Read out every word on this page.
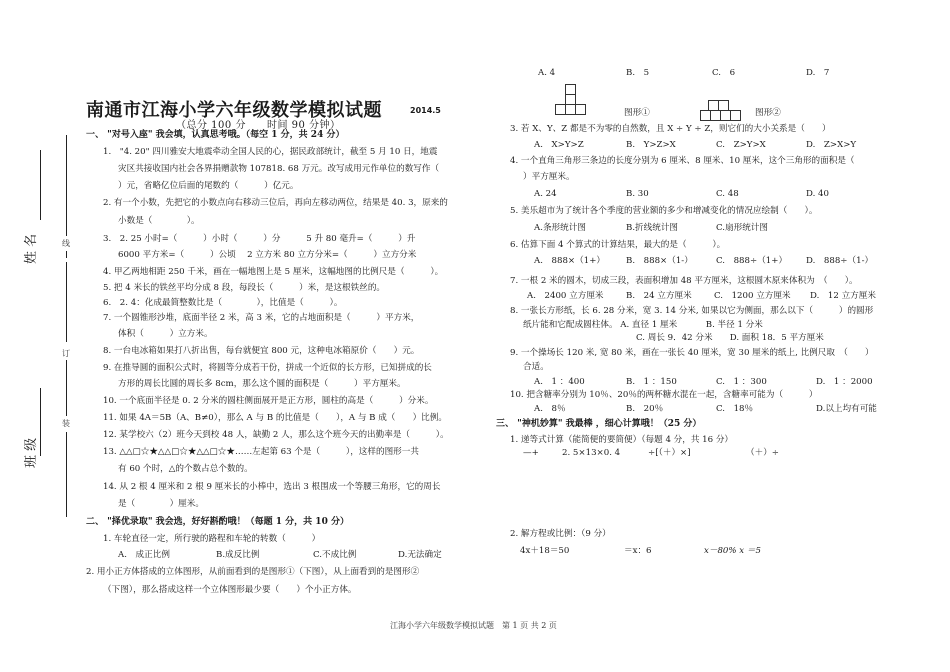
线
订
装
姓 名
班 级
南通市江海小学六年级数学模拟试题	2014.5
（总分 100 分　　时间 90 分钟）
一、 "对号入座" 我会填，认真思考哦。（每空 1 分，共 24 分）
1.　"4. 20" 四川雅安大地震牵动全国人民的心，据民政部统计，截至 5 月 10 日，地震
灾区共接收国内社会各界捐赠款物 107818. 68 万元。改写成用元作单位的数写作（
）元，省略亿位后面的尾数约（　　　）亿元。
2. 有一个小数，先把它的小数点向右移动三位后，再向左移动两位，结果是 40. 3，原来的
小数是（　　　　）。
3.　2. 25 小时=（　　　）小时（　　　）分　　　5 升 80 毫升=（　　　）升
6000 平方米=（　　　）公顷　 2 立方米 80 立方分米=（　　　）立方分米
4. 甲乙两地相距 250 千米，画在一幅地图上是 5 厘米，这幅地图的比例尺是（　　　）。
5. 把 4 米长的铁丝平均分成 8 段，每段长（　　　）米，是这根铁丝的。
6.　2. 4：化成最简整数比是（　　　　），比值是（　　　）。
7. 一个圆锥形沙堆，底面半径 2 米，高 3 米，它的占地面积是（　　　）平方米，
体积（　　　）立方米。
8. 一台电冰箱如果打八折出售，每台就便宜 800 元，这种电冰箱原价（　　）元。
9. 在推导圆的面积公式时，将圆等分成若干份，拼成一个近似的长方形，已知拼成的长
方形的周长比圆的周长多 8cm，那么这个圆的面积是（　　　）平方厘米。
10. 一个底面半径是 0. 2 分米的圆柱侧面展开是正方形，圆柱的高是（　　　）分米。
11. 如果 4A＝5B（A、B≠0），那么 A 与 B 的比值是（　　），A 与 B 成（　　）比例。
12. 某学校六（2）班今天到校 48 人，缺勤 2 人，那么这个班今天的出勤率是（　　　）。
13. △△□☆★△△□☆★△△□☆★……左起第 63 个是（　　　），这样的图形一共
有 60 个时，△的个数占总个数的。
14. 从 2 根 4 厘米和 2 根 9 厘米长的小棒中，选出 3 根围成一个等腰三角形，它的周长
是（　　　　）厘米。
二、 "择优录取" 我会选，好好斟酌哦！（每题 1 分，共 10 分）
1. 车轮直径一定，所行驶的路程和车轮的转数（　　　）
A.　成正比例	B.成反比例	C.不成比例	D.无法确定
2. 用小正方体搭成的立体图形，从前面看到的是图形①（下图），从上面看到的是图形②
（下图），那么搭成这样一个立体图形最少要（　　）个小正方体。
A. 4	B.　5	C.　6	D.　7
图形①	图形②
3. 若 X、Y、Z 都是不为零的自然数，且 X ÷ Y ÷ Z，则它们的大小关系是（　　）
A.　X>Y>Z	B.　Y>Z>X	C.　Z>Y>X	D.　Z>X>Y
4. 一个直角三角形三条边的长度分别为 6 厘米、8 厘米、10 厘米，这个三角形的面积是（
）平方厘米。
A. 24	B. 30	C. 48	D. 40
5. 美乐超市为了统计各个季度的营业额的多少和增减变化的情况应绘制（　　）。
A.条形统计图	B.折线统计图	C.扇形统计图
6. 估算下面 4 个算式的计算结果，最大的是（　　　）。
A.　888×（1+） B.　888×（1-）	C.　888÷（1+） D.　888÷（1-）
7. 一根 2 米的圆木，切成三段，表面积增加 48 平方厘米，这根圆木原来体积为　（　　）。
A.　2400 立方厘米	B.　24 立方厘米	C.　1200 立方厘米 D.　12 立方厘米
8. 一张长方形纸，长 6. 28 分米，宽 3. 14 分米, 如果以它为侧面，那么以下（　　　）的圆形
纸片能和它配成圆柱体。 A. 直径 1 厘米　　　 B. 半径 1 分米
C. 周长 9．42 分米　　D. 面积 18．5 平方厘米
9. 一个操场长 120 米, 宽 80 米，画在一张长 40 厘米，宽 30 厘米的纸上, 比例尺取　（　　）
合适。
A.　1 ：400	B.　1 ：150	C.　1 ：300	D.　1 ：2000
10. 把含糖率分别为 10％、20％的两杯糖水混在一起，含糖率可能为（　　　）
A.　8％	B.　20％	C.　18％	D.以上均有可能
三、 "神机妙算" 我最棒 ，细心计算哦！（25 分）
1. 递等式计算（能简便的要简便）（每题 4 分，共 16 分）
—+	2. 5×13×0. 4	÷[（＋）×]	（＋）÷
2. 解方程或比例：（9 分）
4x＋18＝50	＝x：6	x－80% x ＝5
江海小学六年级数学模拟试题　第 1 页 共 2 页
